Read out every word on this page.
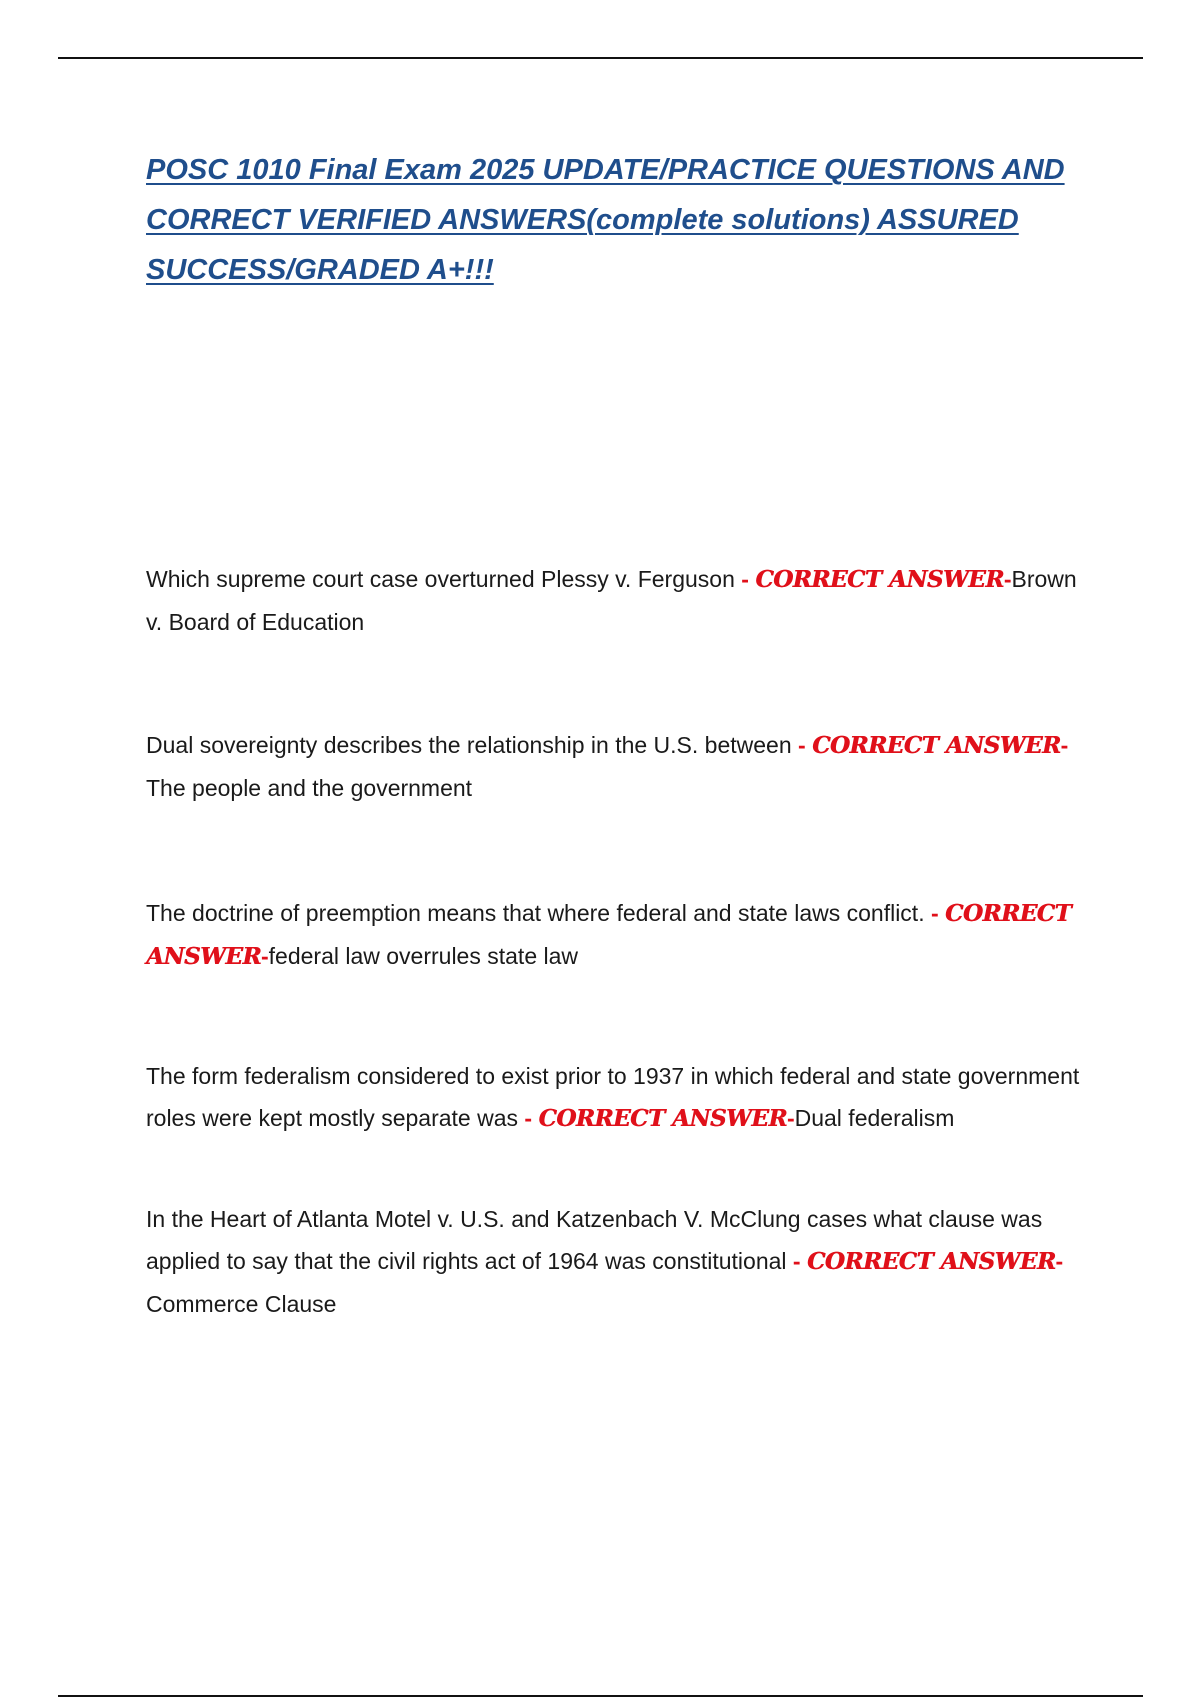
POSC 1010 Final Exam 2025 UPDATE/PRACTICE QUESTIONS AND CORRECT VERIFIED ANSWERS(complete solutions) ASSURED SUCCESS/GRADED A+!!!

Which supreme court case overturned Plessy v. Ferguson - CORRECT ANSWER-Brown v. Board of Education

Dual sovereignty describes the relationship in the U.S. between - CORRECT ANSWER-The people and the government

The doctrine of preemption means that where federal and state laws conflict. - CORRECT ANSWER-federal law overrules state law

The form federalism considered to exist prior to 1937 in which federal and state government roles were kept mostly separate was - CORRECT ANSWER-Dual federalism

In the Heart of Atlanta Motel v. U.S. and Katzenbach V. McClung cases what clause was applied to say that the civil rights act of 1964 was constitutional - CORRECT ANSWER-Commerce Clause
